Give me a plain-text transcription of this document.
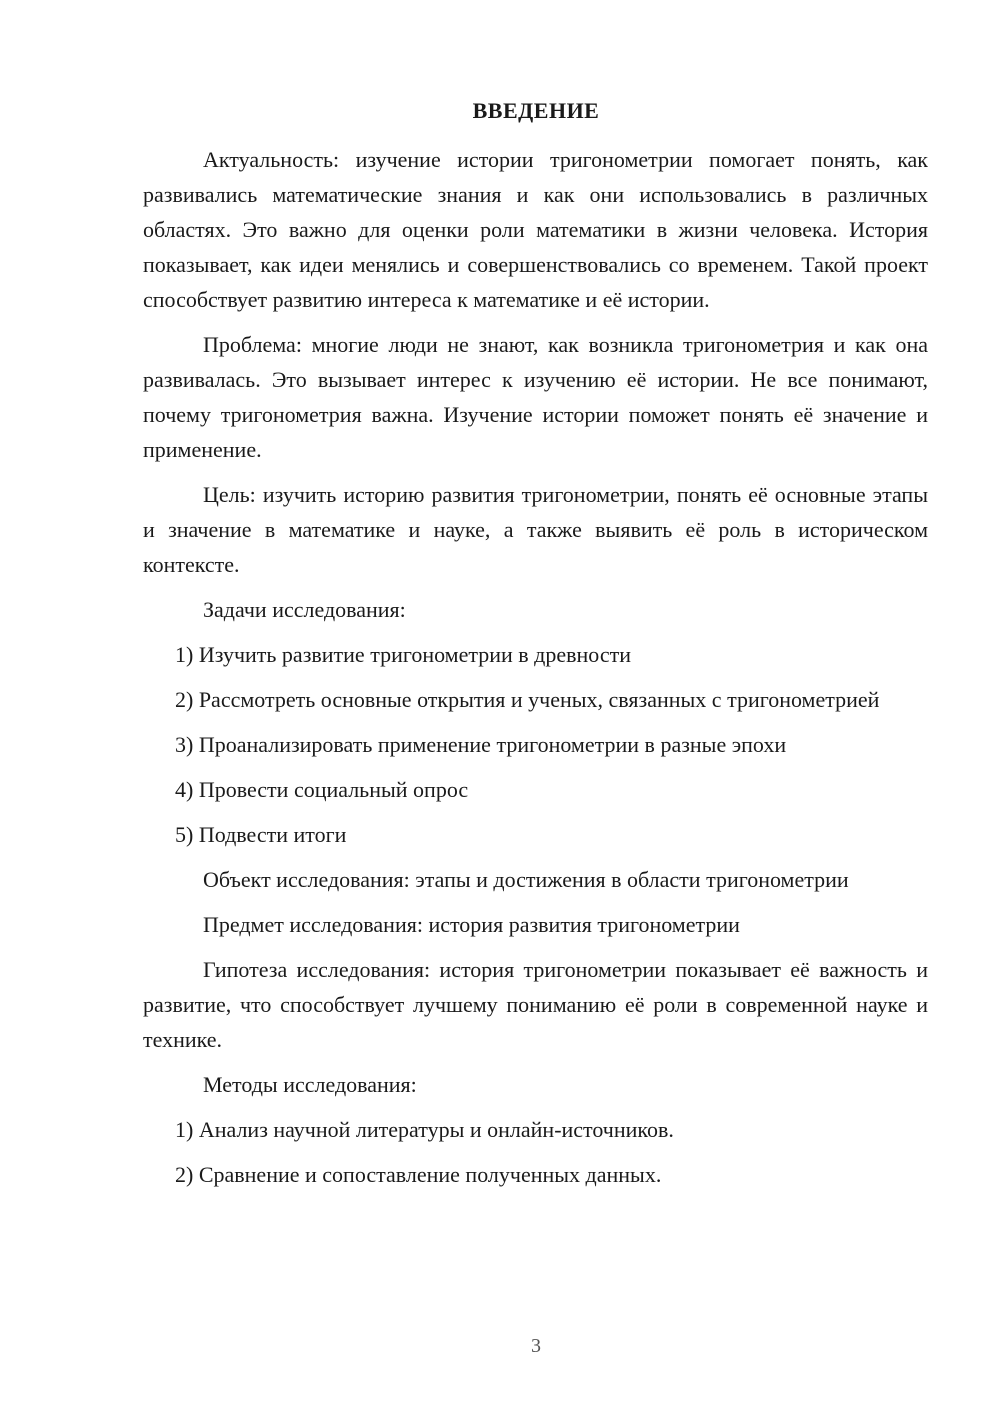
ВВЕДЕНИЕ

Актуальность: изучение истории тригонометрии помогает понять, как развивались математические знания и как они использовались в различных областях. Это важно для оценки роли математики в жизни человека. История показывает, как идеи менялись и совершенствовались со временем. Такой проект способствует развитию интереса к математике и её истории.

Проблема: многие люди не знают, как возникла тригонометрия и как она развивалась. Это вызывает интерес к изучению её истории. Не все понимают, почему тригонометрия важна. Изучение истории поможет понять её значение и применение.

Цель: изучить историю развития тригонометрии, понять её основные этапы и значение в математике и науке, а также выявить её роль в историческом контексте.

Задачи исследования:

1) Изучить развитие тригонометрии в древности

2) Рассмотреть основные открытия и ученых, связанных с тригонометрией

3) Проанализировать применение тригонометрии в разные эпохи

4) Провести социальный опрос

5) Подвести итоги

Объект исследования: этапы и достижения в области тригонометрии

Предмет исследования: история развития тригонометрии

Гипотеза исследования: история тригонометрии показывает её важность и развитие, что способствует лучшему пониманию её роли в современной науке и технике.

Методы исследования:

1) Анализ научной литературы и онлайн-источников.

2) Сравнение и сопоставление полученных данных.

3
